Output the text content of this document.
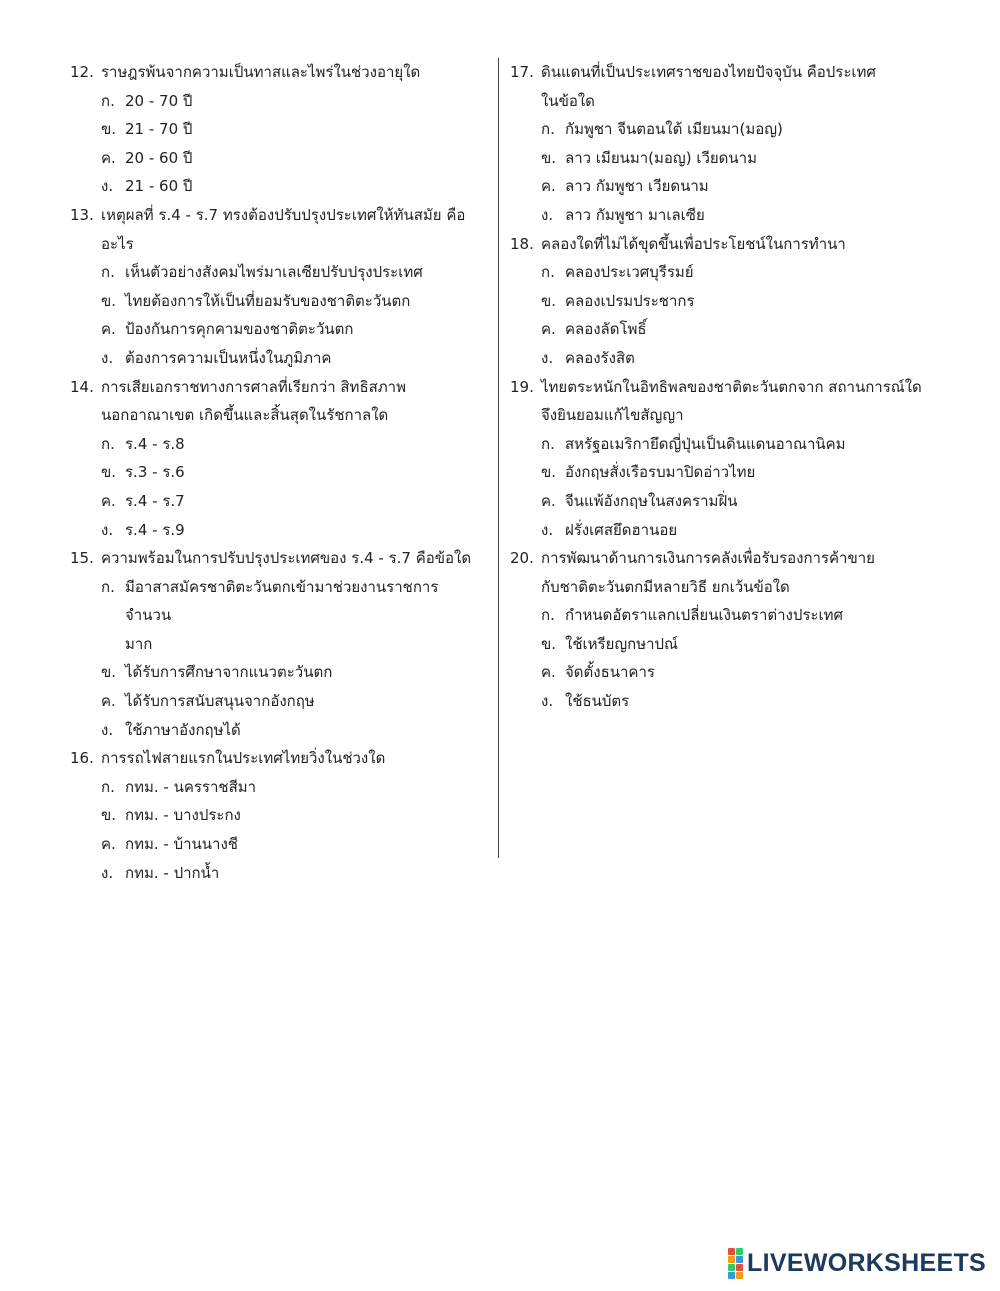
12. ราษฎรพ้นจากความเป็นทาสและไพร่ในช่วงอายุใด
ก. 20 - 70 ปี
ข. 21 - 70 ปี
ค. 20 - 60 ปี
ง. 21 - 60 ปี
13. เหตุผลที่ ร.4 - ร.7 ทรงต้องปรับปรุงประเทศให้ทันสมัย คือ
อะไร
ก. เห็นตัวอย่างสังคมไพร่มาเลเซียปรับปรุงประเทศ
ข. ไทยต้องการให้เป็นที่ยอมรับของชาติตะวันตก
ค. ป้องกันการคุกคามของชาติตะวันตก
ง. ต้องการความเป็นหนึ่งในภูมิภาค
14. การเสียเอกราชทางการศาลที่เรียกว่า สิทธิสภาพ
นอกอาณาเขต เกิดขึ้นและสิ้นสุดในรัชกาลใด
ก. ร.4 - ร.8
ข. ร.3 - ร.6
ค. ร.4 - ร.7
ง. ร.4 - ร.9
15. ความพร้อมในการปรับปรุงประเทศของ ร.4 - ร.7 คือข้อใด
ก. มีอาสาสมัครชาติตะวันตกเข้ามาช่วยงานราชการจำนวน
มาก
ข. ได้รับการศึกษาจากแนวตะวันตก
ค. ได้รับการสนับสนุนจากอังกฤษ
ง. ใช้ภาษาอังกฤษได้
16. การรถไฟสายแรกในประเทศไทยวิ่งในช่วงใด
ก. กทม. - นครราชสีมา
ข. กทม. - บางประกง
ค. กทม. - บ้านนางชี
ง. กทม. - ปากน้ำ
17. ดินแดนที่เป็นประเทศราชของไทยปัจจุบัน คือประเทศ
ในข้อใด
ก. กัมพูชา จีนตอนใต้ เมียนมา(มอญ)
ข. ลาว เมียนมา(มอญ) เวียดนาม
ค. ลาว กัมพูชา เวียดนาม
ง. ลาว กัมพูชา มาเลเซีย
18. คลองใดที่ไม่ได้ขุดขึ้นเพื่อประโยชน์ในการทำนา
ก. คลองประเวศบุรีรมย์
ข. คลองเปรมประชากร
ค. คลองลัดโพธิ์
ง. คลองรังสิต
19. ไทยตระหนักในอิทธิพลของชาติตะวันตกจาก สถานการณ์ใด
จึงยินยอมแก้ไขสัญญา
ก. สหรัฐอเมริกายึดญี่ปุ่นเป็นดินแดนอาณานิคม
ข. อังกฤษสั่งเรือรบมาปิดอ่าวไทย
ค. จีนแพ้อังกฤษในสงครามฝิ่น
ง. ฝรั่งเศสยึดฮานอย
20. การพัฒนาด้านการเงินการคลังเพื่อรับรองการค้าขาย
กับชาติตะวันตกมีหลายวิธี ยกเว้นข้อใด
ก. กำหนดอัตราแลกเปลี่ยนเงินตราต่างประเทศ
ข. ใช้เหรียญกษาปณ์
ค. จัดตั้งธนาคาร
ง. ใช้ธนบัตร
LIVEWORKSHEETS
